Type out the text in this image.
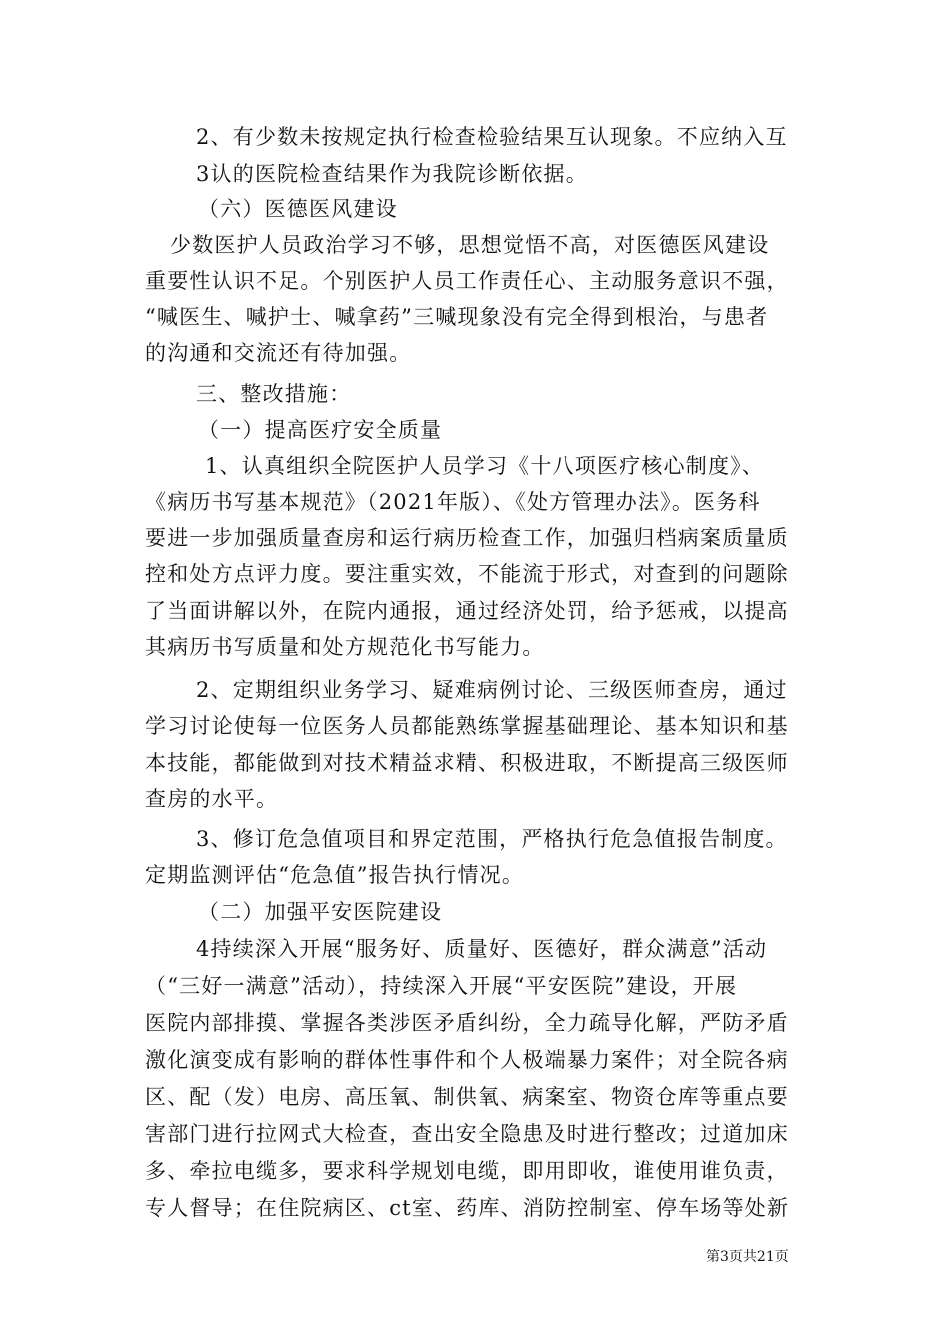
2、有少数未按规定执行检查检验结果互认现象。不应纳入互
3认的医院检查结果作为我院诊断依据。
（六）医德医风建设
少数医护人员政治学习不够，思想觉悟不高，对医德医风建设
重要性认识不足。个别医护人员工作责任心、主动服务意识不强，
“喊医生、喊护士、喊拿药”三喊现象没有完全得到根治，与患者
的沟通和交流还有待加强。
三、整改措施：
（一）提高医疗安全质量
1、认真组织全院医护人员学习《十八项医疗核心制度》、
《病历书写基本规范》（2021年版）、《处方管理办法》。医务科
要进一步加强质量查房和运行病历检查工作，加强归档病案质量质
控和处方点评力度。要注重实效，不能流于形式，对查到的问题除
了当面讲解以外，在院内通报，通过经济处罚，给予惩戒，以提高
其病历书写质量和处方规范化书写能力。
2、定期组织业务学习、疑难病例讨论、三级医师查房，通过
学习讨论使每一位医务人员都能熟练掌握基础理论、基本知识和基
本技能，都能做到对技术精益求精、积极进取，不断提高三级医师
查房的水平。
3、修订危急值项目和界定范围，严格执行危急值报告制度。
定期监测评估“危急值”报告执行情况。
（二）加强平安医院建设
4持续深入开展“服务好、质量好、医德好，群众满意”活动
（“三好一满意”活动），持续深入开展“平安医院”建设，开展
医院内部排摸、掌握各类涉医矛盾纠纷，全力疏导化解，严防矛盾
激化演变成有影响的群体性事件和个人极端暴力案件；对全院各病
区、配（发）电房、高压氧、制供氧、病案室、物资仓库等重点要
害部门进行拉网式大检查，查出安全隐患及时进行整改；过道加床
多、牵拉电缆多，要求科学规划电缆，即用即收，谁使用谁负责，
专人督导；在住院病区、ct室、药库、消防控制室、停车场等处新
第3页共21页
